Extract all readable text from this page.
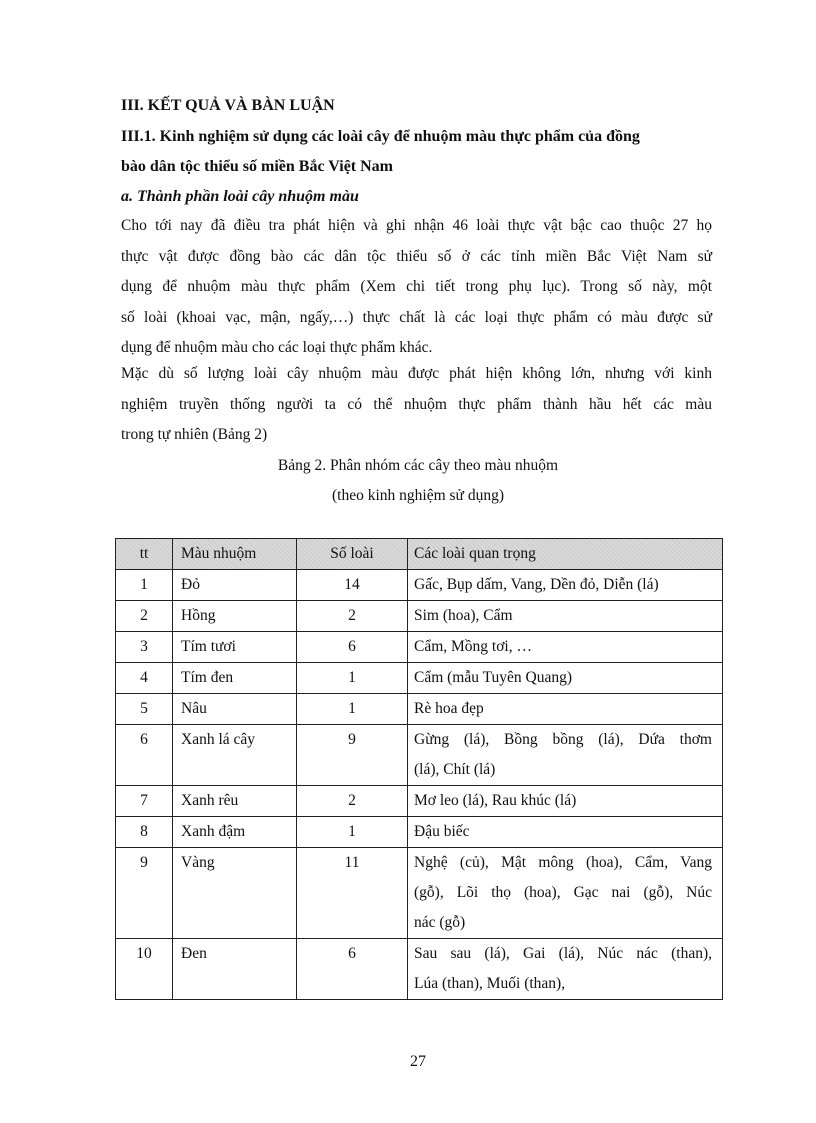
III. KẾT QUẢ VÀ BÀN LUẬN
III.1. Kinh nghiệm sử dụng các loài cây để nhuộm màu thực phẩm của đồng
bào dân tộc thiểu số miền Bắc Việt Nam
a. Thành phần loài cây nhuộm màu
Cho tới nay đã điều tra phát hiện và ghi nhận 46 loài thực vật bậc cao thuộc 27 họ
thực vật được đồng bào các dân tộc thiểu số ở các tỉnh miền Bắc Việt Nam sử
dụng để nhuộm màu thực phẩm (Xem chi tiết trong phụ lục). Trong số này, một
số loài (khoai vạc, mận, ngấy,…) thực chất là các loại thực phẩm có màu được sử
dụng để nhuộm màu cho các loại thực phẩm khác.
Mặc dù số lượng loài cây nhuộm màu được phát hiện không lớn, nhưng với kinh
nghiệm truyền thống người ta có thể nhuộm thực phẩm thành hầu hết các màu
trong tự nhiên (Bảng 2)
Bảng 2. Phân nhóm các cây theo màu nhuộm
(theo kinh nghiệm sử dụng)
tt	Màu nhuộm	Số loài	Các loài quan trọng

1	Đỏ	14	Gấc, Bụp dấm, Vang, Dền đỏ, Diễn (lá)

2	Hồng	2	Sim (hoa), Cẩm

3	Tím tươi	6	Cẩm, Mồng tơi, …

4	Tím đen	1	Cẩm (mẫu Tuyên Quang)

5	Nâu	1	Rè hoa đẹp

6	Xanh lá cây	9	Gừng (lá), Bồng bồng (lá), Dứa thơm
(lá), Chít (lá)

7	Xanh rêu	2	Mơ leo (lá), Rau khúc (lá)

8	Xanh đậm	1	Đậu biếc

9	Vàng	11	Nghệ (củ), Mật mông (hoa), Cẩm, Vang
(gỗ), Lõi thọ (hoa), Gạc nai (gỗ), Núc
nác (gỗ)

10	Đen	6	Sau sau (lá), Gai (lá), Núc nác (than),
Lúa (than), Muối (than),
27
